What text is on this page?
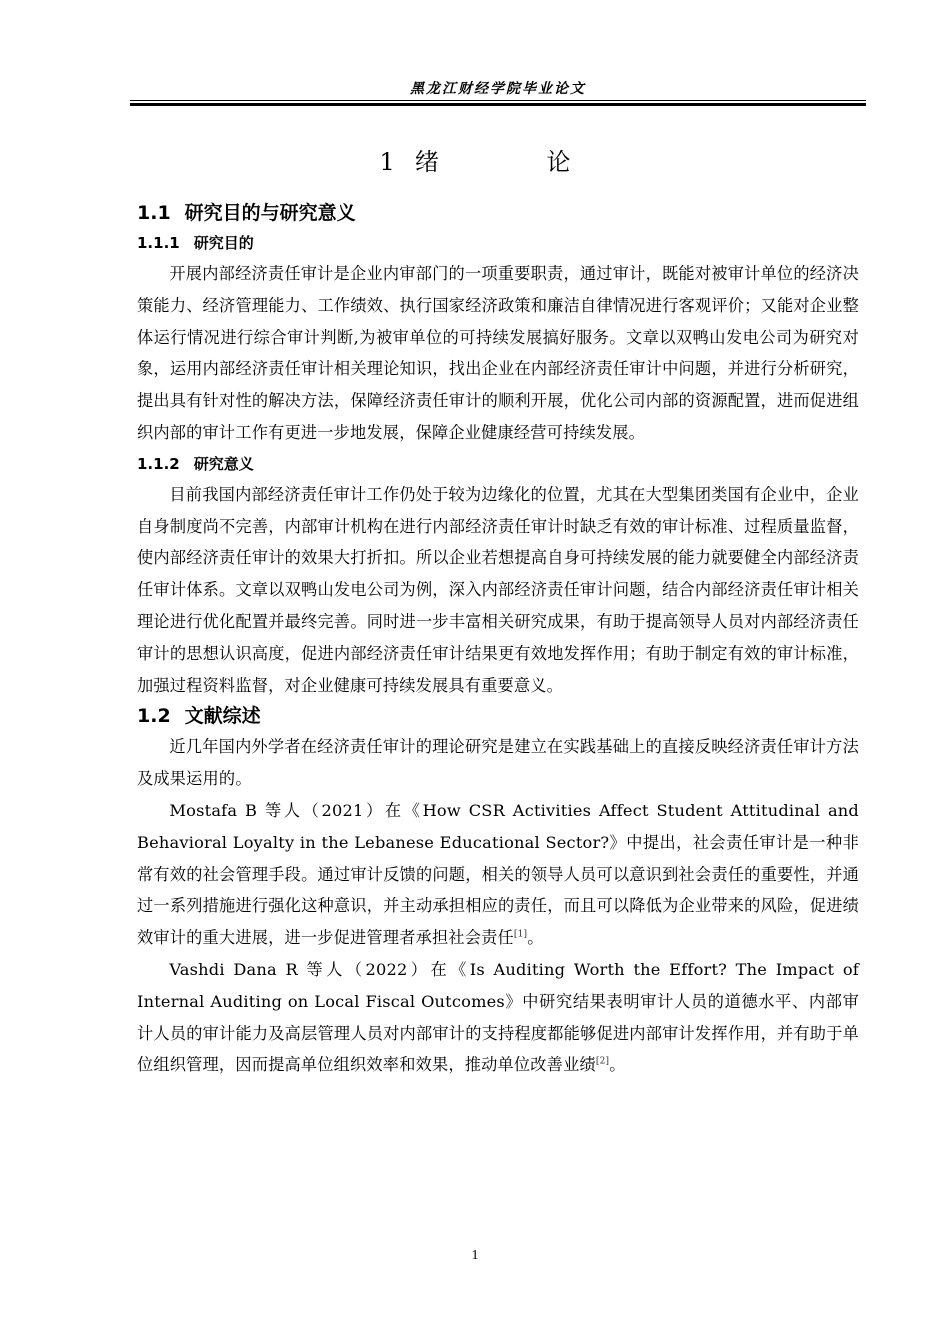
黑龙江财经学院毕业论文
1 绪 论
1.1 研究目的与研究意义
1.1.1 研究目的

开展内部经济责任审计是企业内审部门的一项重要职责，通过审计，既能对被审计单位的经济决策能力、经济管理能力、工作绩效、执行国家经济政策和廉洁自律情况进行客观评价；又能对企业整体运行情况进行综合审计判断,为被审单位的可持续发展搞好服务。文章以双鸭山发电公司为研究对象，运用内部经济责任审计相关理论知识，找出企业在内部经济责任审计中问题，并进行分析研究，提出具有针对性的解决方法，保障经济责任审计的顺利开展，优化公司内部的资源配置，进而促进组织内部的审计工作有更进一步地发展，保障企业健康经营可持续发展。

1.1.2 研究意义

目前我国内部经济责任审计工作仍处于较为边缘化的位置，尤其在大型集团类国有企业中，企业自身制度尚不完善，内部审计机构在进行内部经济责任审计时缺乏有效的审计标准、过程质量监督，使内部经济责任审计的效果大打折扣。所以企业若想提高自身可持续发展的能力就要健全内部经济责任审计体系。文章以双鸭山发电公司为例，深入内部经济责任审计问题，结合内部经济责任审计相关理论进行优化配置并最终完善。同时进一步丰富相关研究成果，有助于提高领导人员对内部经济责任审计的思想认识高度，促进内部经济责任审计结果更有效地发挥作用；有助于制定有效的审计标准，加强过程资料监督，对企业健康可持续发展具有重要意义。

1.2 文献综述

近几年国内外学者在经济责任审计的理论研究是建立在实践基础上的直接反映经济责任审计方法及成果运用的。

Mostafa B 等人（2021）在《How CSR Activities Affect Student Attitudinal and Behavioral Loyalty in the Lebanese Educational Sector?》中提出，社会责任审计是一种非常有效的社会管理手段。通过审计反馈的问题，相关的领导人员可以意识到社会责任的重要性，并通过一系列措施进行强化这种意识，并主动承担相应的责任，而且可以降低为企业带来的风险，促进绩效审计的重大进展，进一步促进管理者承担社会责任[1]。

Vashdi Dana R 等人（2022）在《Is Auditing Worth the Effort? The Impact of Internal Auditing on Local Fiscal Outcomes》中研究结果表明审计人员的道德水平、内部审计人员的审计能力及高层管理人员对内部审计的支持程度都能够促进内部审计发挥作用，并有助于单位组织管理，因而提高单位组织效率和效果，推动单位改善业绩[2]。

1
